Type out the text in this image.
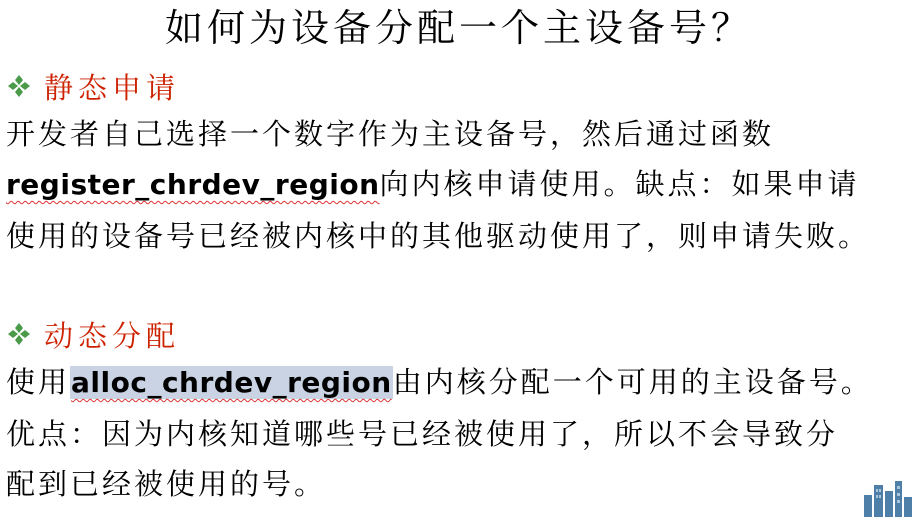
如何为设备分配一个主设备号？
静态申请
开发者自己选择一个数字作为主设备号，然后通过函数
register_chrdev_region向内核申请使用。缺点：如果申请
使用的设备号已经被内核中的其他驱动使用了，则申请失败。
动态分配
使用alloc_chrdev_region由内核分配一个可用的主设备号。
优点：因为内核知道哪些号已经被使用了，所以不会导致分
配到已经被使用的号。
